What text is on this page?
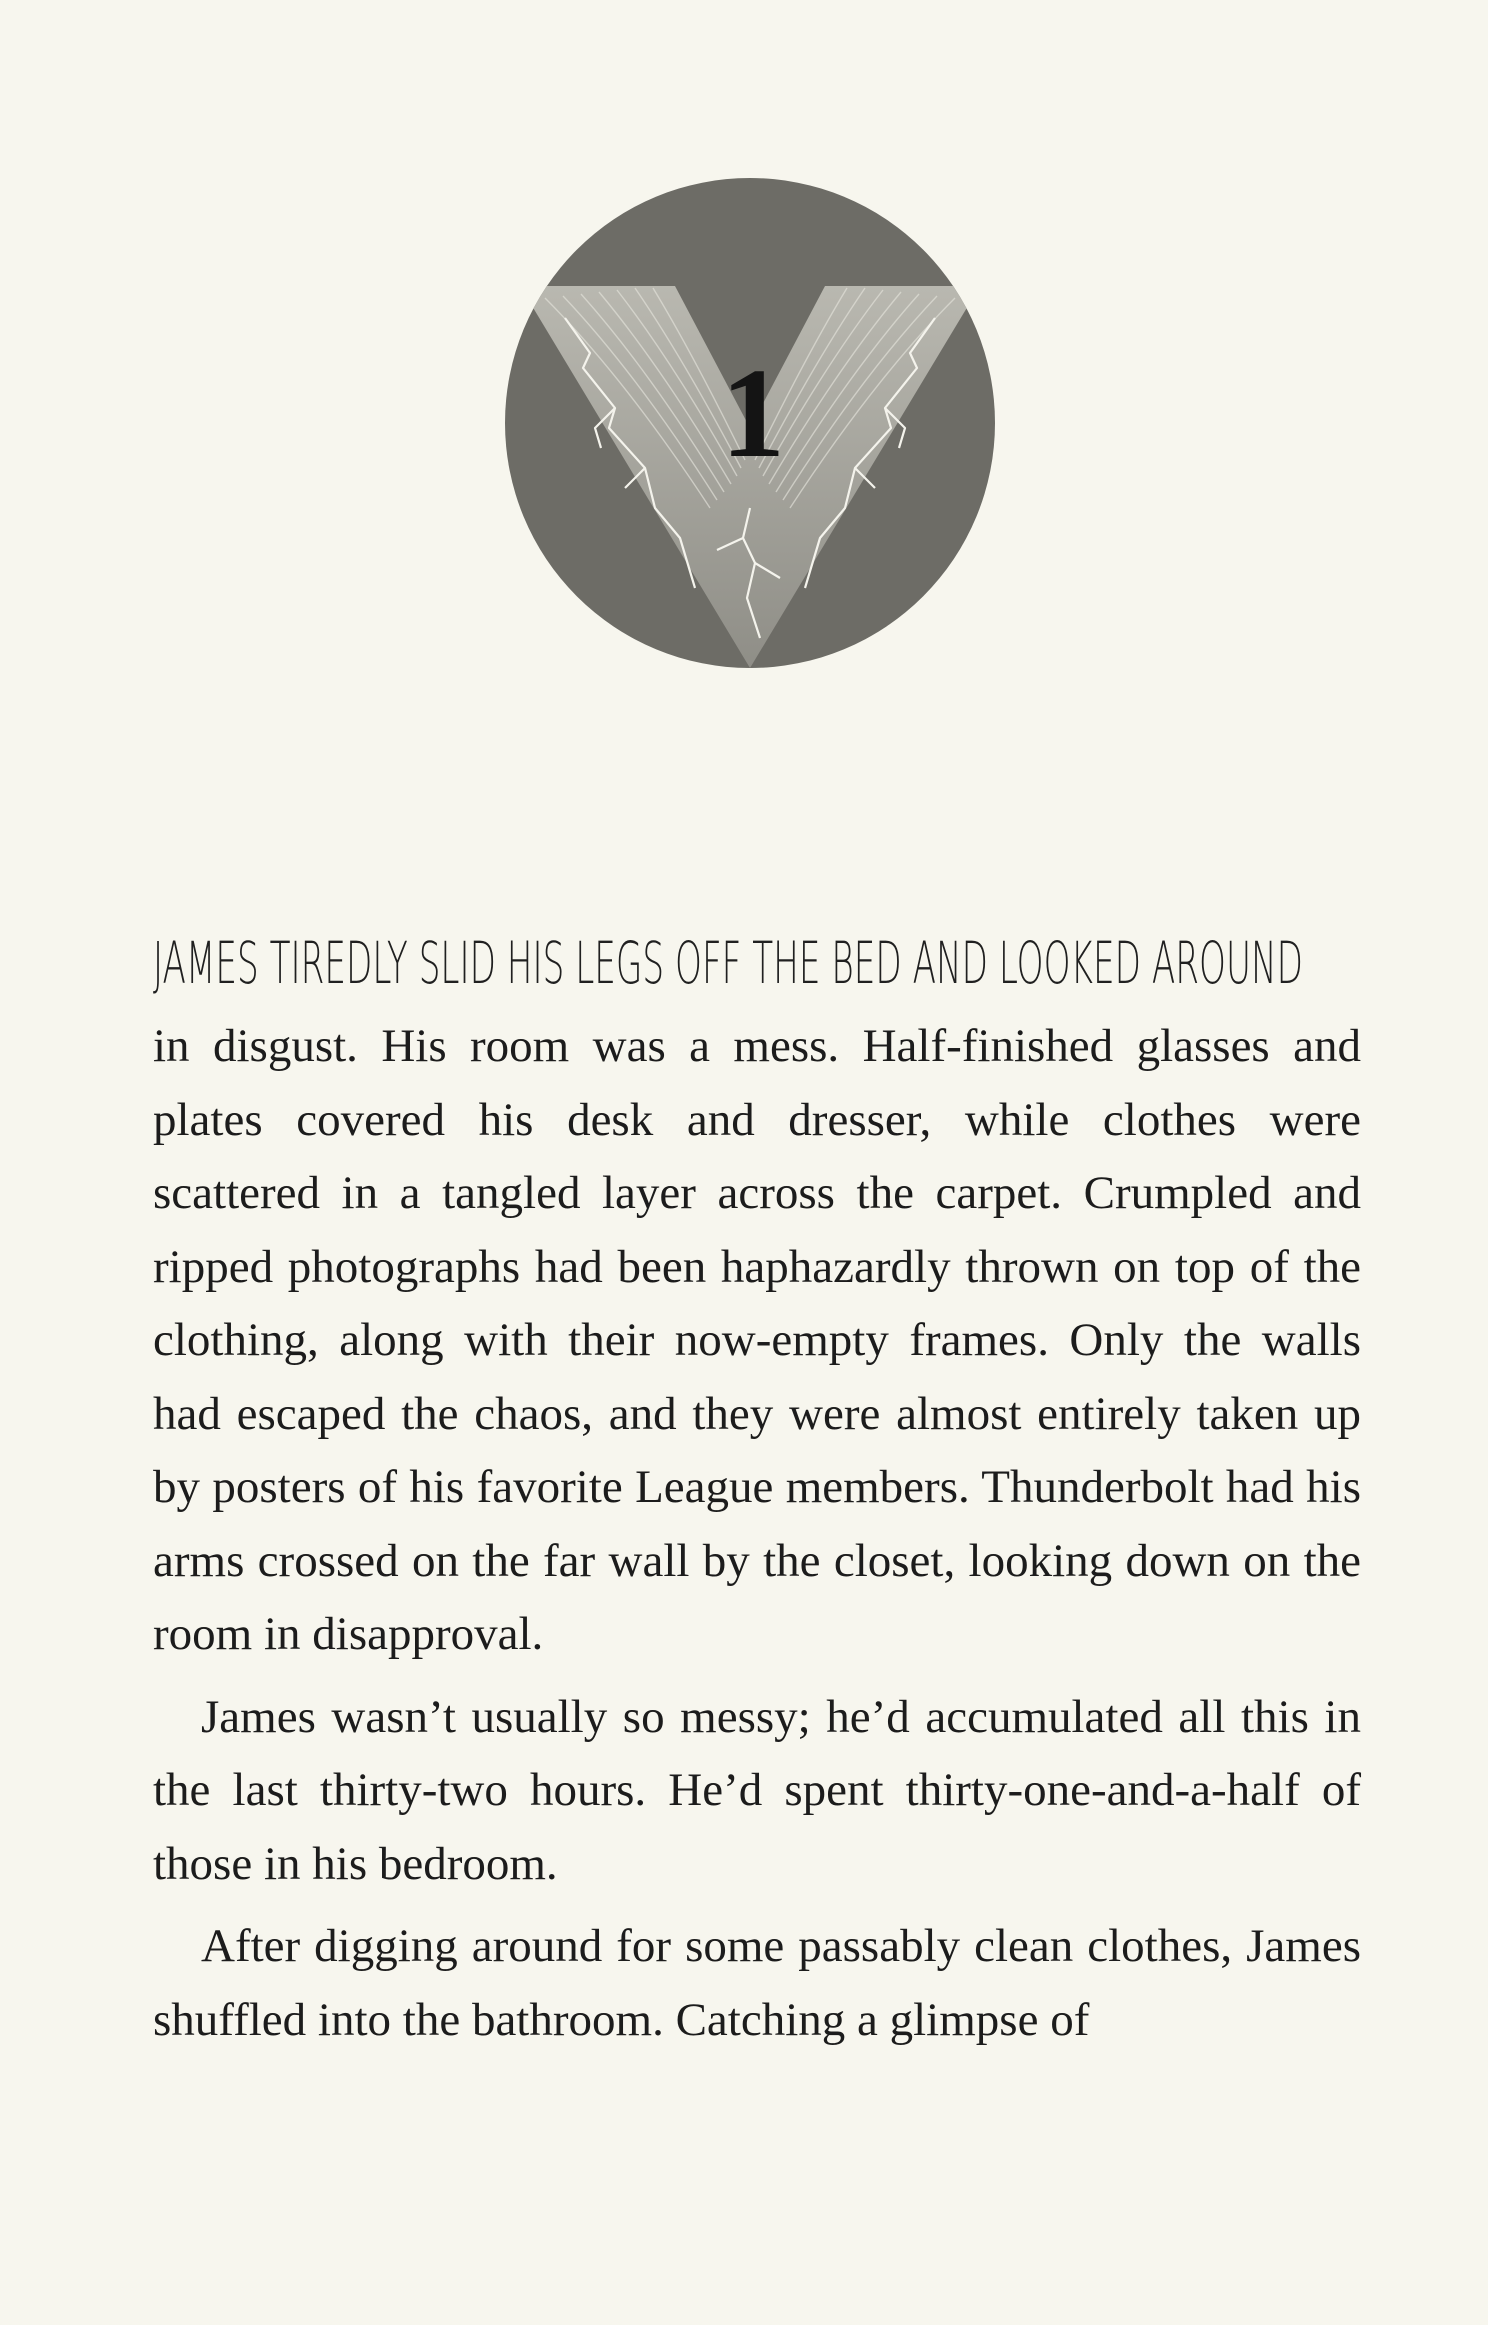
1
JAMES TIREDLY SLID HIS LEGS OFF THE BED AND LOOKED AROUND

in disgust. His room was a mess. Half-finished glasses and plates covered his desk and dresser, while clothes were scattered in a tangled layer across the carpet. Crumpled and ripped photographs had been haphazardly thrown on top of the clothing, along with their now-empty frames. Only the walls had escaped the chaos, and they were almost entirely taken up by posters of his favorite League members. Thunderbolt had his arms crossed on the far wall by the closet, looking down on the room in disapproval.

James wasn’t usually so messy; he’d accumulated all this in the last thirty-two hours. He’d spent thirty-one-and-a-half of those in his bedroom.

After digging around for some passably clean clothes, James shuffled into the bathroom. Catching a glimpse of
